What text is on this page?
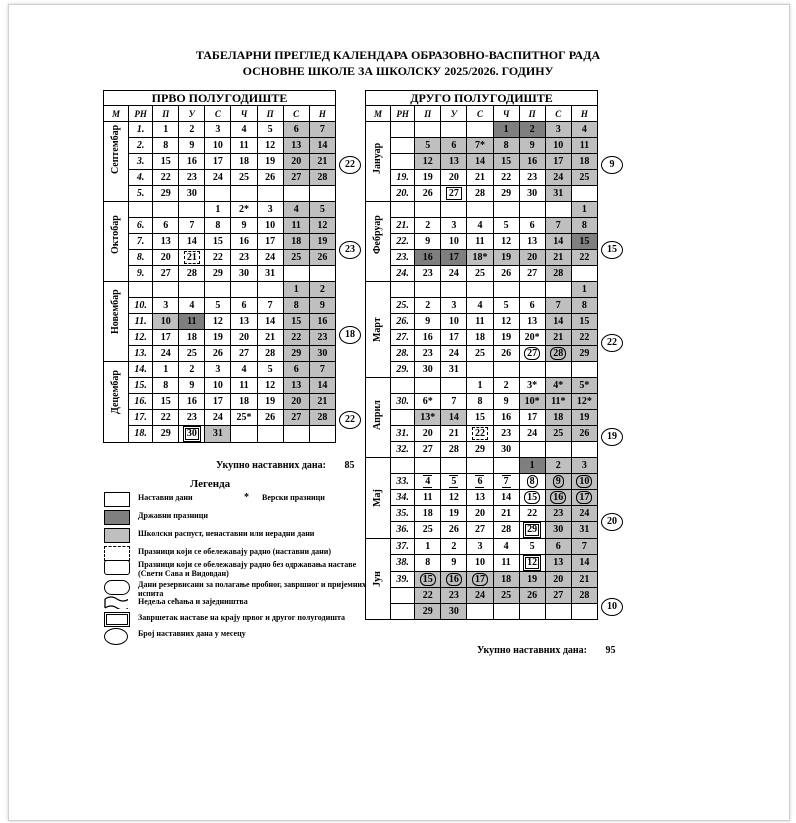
ТАБЕЛАРНИ ПРЕГЛЕД КАЛЕНДАРА ОБРАЗОВНО-ВАСПИТНОГ РАДА
ОСНОВНЕ ШКОЛЕ ЗА ШКОЛСКУ 2025/2026. ГОДИНУ
ПРВО ПОЛУГОДИШТЕ								
М	РН	П	У	С	Ч	П	С	Н

Септембар	1.	1	2	3	4	5	6	7
	2.	8	9	10	11	12	13	14
	3.	15	16	17	18	19	20	21
	4.	22	23	24	25	26	27	28
	5.	29	30					

Октобар				1	2*	3	4	5
	6.	6	7	8	9	10	11	12
	7.	13	14	15	16	17	18	19
	8.	20	21	22	23	24	25	26
	9.	27	28	29	30	31		

Новембар							1	2
	10.	3	4	5	6	7	8	9
	11.	10	11	12	13	14	15	16
	12.	17	18	19	20	21	22	23
	13.	24	25	26	27	28	29	30

Децембар	14.	1	2	3	4	5	6	7
	15.	8	9	10	11	12	13	14
	16.	15	16	17	18	19	20	21
	17.	22	23	24	25*	26	27	28
	18.	29	30	31				
ДРУГО ПОЛУГОДИШТЕ								
М	РН	П	У	С	Ч	П	С	Н

Јануар					1	2	3	4
		5	6	7*	8	9	10	11
		12	13	14	15	16	17	18
	19.	19	20	21	22	23	24	25
	20.	26	27	28	29	30	31	

Фебруар								1
	21.	2	3	4	5	6	7	8
	22.	9	10	11	12	13	14	15
	23.	16	17	18*	19	20	21	22
	24.	23	24	25	26	27	28	

Март								1
	25.	2	3	4	5	6	7	8
	26.	9	10	11	12	13	14	15
	27.	16	17	18	19	20*	21	22
	28.	23	24	25	26	27	28	29
	29.	30	31					

Април				1	2	3*	4*	5*
	30.	6*	7	8	9	10*	11*	12*
		13*	14	15	16	17	18	19
	31.	20	21	22	23	24	25	26
	32.	27	28	29	30			

Мај						1	2	3
	33.	4	5	6	7	8	9	10
	34.	11	12	13	14	15	16	17
	35.	18	19	20	21	22	23	24
	36.	25	26	27	28	29	30	31

Јун	37.	1	2	3	4	5	6	7
	38.	8	9	10	11	12	13	14
	39.	15	16	17	18	19	20	21
		22	23	24	25	26	27	28
		29	30					
22
23
18
22
9
15
22
19
20
10
Укупно наставних дана: 85
Укупно наставних дана: 95
Легенда
Наставни дани	* Верски празници
Државни празници
Школски распуст, ненаставни или нерадни дани
Празници који се обележавају радно (наставни дани)
Празници који се обележавају радно без одржавања наставе (Свети Сава и Видовдан)
Дани резервисани за полагање пробног, завршног и пријемних испита
Недеља сећања и заједништва
Завршетак наставе на крају првог и другог полугодишта
Број наставних дана у месецу
